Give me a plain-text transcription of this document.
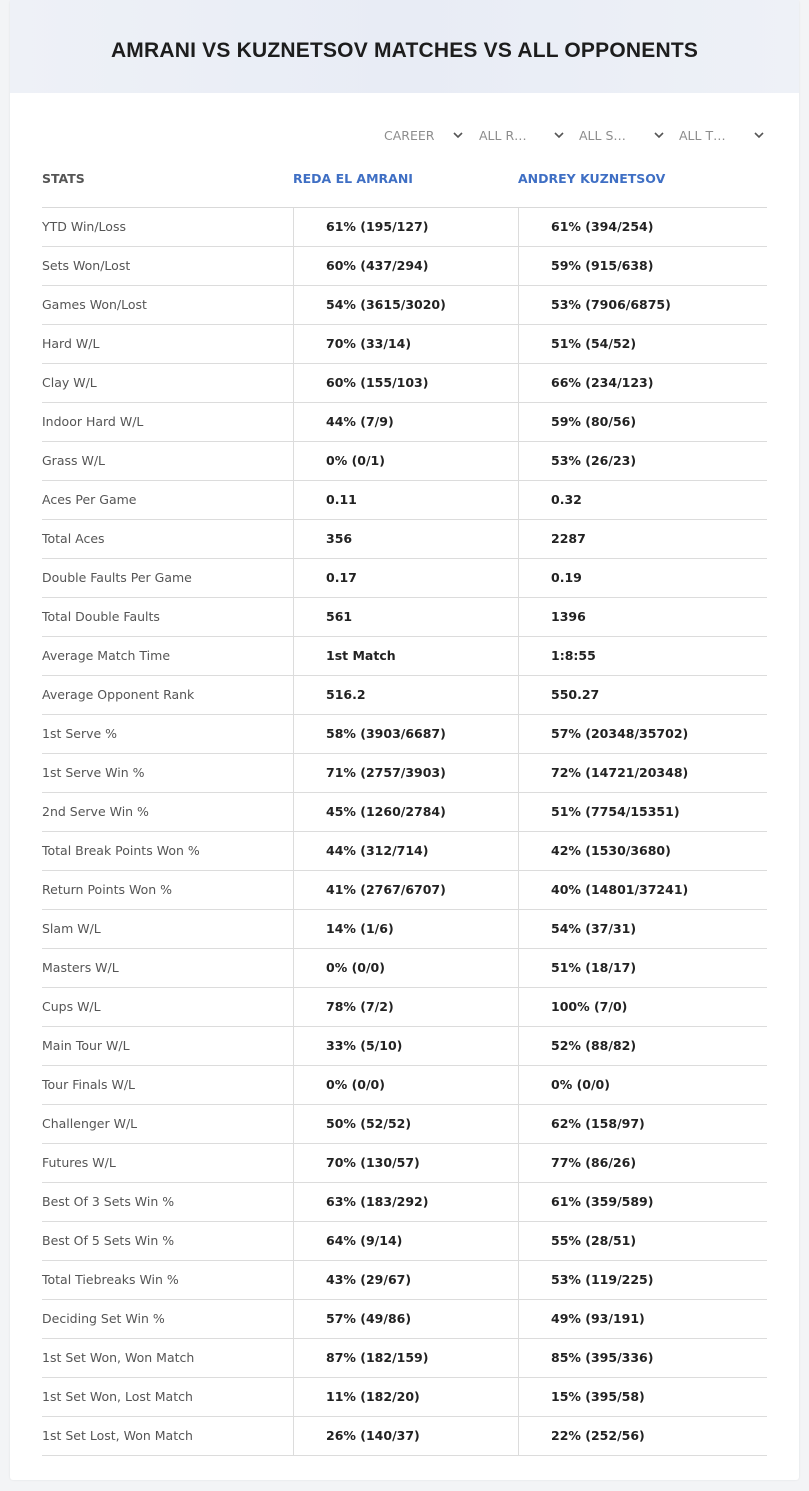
AMRANI VS KUZNETSOV MATCHES VS ALL OPPONENTS
CAREER	ALL R…	ALL S…	ALL T…
STATS	REDA EL AMRANI	ANDREY KUZNETSOV
YTD Win/Loss	61% (195/127)	61% (394/254)
Sets Won/Lost	60% (437/294)	59% (915/638)
Games Won/Lost	54% (3615/3020)	53% (7906/6875)
Hard W/L	70% (33/14)	51% (54/52)
Clay W/L	60% (155/103)	66% (234/123)
Indoor Hard W/L	44% (7/9)	59% (80/56)
Grass W/L	0% (0/1)	53% (26/23)
Aces Per Game	0.11	0.32
Total Aces	356	2287
Double Faults Per Game	0.17	0.19
Total Double Faults	561	1396
Average Match Time	1st Match	1:8:55
Average Opponent Rank	516.2	550.27
1st Serve %	58% (3903/6687)	57% (20348/35702)
1st Serve Win %	71% (2757/3903)	72% (14721/20348)
2nd Serve Win %	45% (1260/2784)	51% (7754/15351)
Total Break Points Won %	44% (312/714)	42% (1530/3680)
Return Points Won %	41% (2767/6707)	40% (14801/37241)
Slam W/L	14% (1/6)	54% (37/31)
Masters W/L	0% (0/0)	51% (18/17)
Cups W/L	78% (7/2)	100% (7/0)
Main Tour W/L	33% (5/10)	52% (88/82)
Tour Finals W/L	0% (0/0)	0% (0/0)
Challenger W/L	50% (52/52)	62% (158/97)
Futures W/L	70% (130/57)	77% (86/26)
Best Of 3 Sets Win %	63% (183/292)	61% (359/589)
Best Of 5 Sets Win %	64% (9/14)	55% (28/51)
Total Tiebreaks Win %	43% (29/67)	53% (119/225)
Deciding Set Win %	57% (49/86)	49% (93/191)
1st Set Won, Won Match	87% (182/159)	85% (395/336)
1st Set Won, Lost Match	11% (182/20)	15% (395/58)
1st Set Lost, Won Match	26% (140/37)	22% (252/56)
